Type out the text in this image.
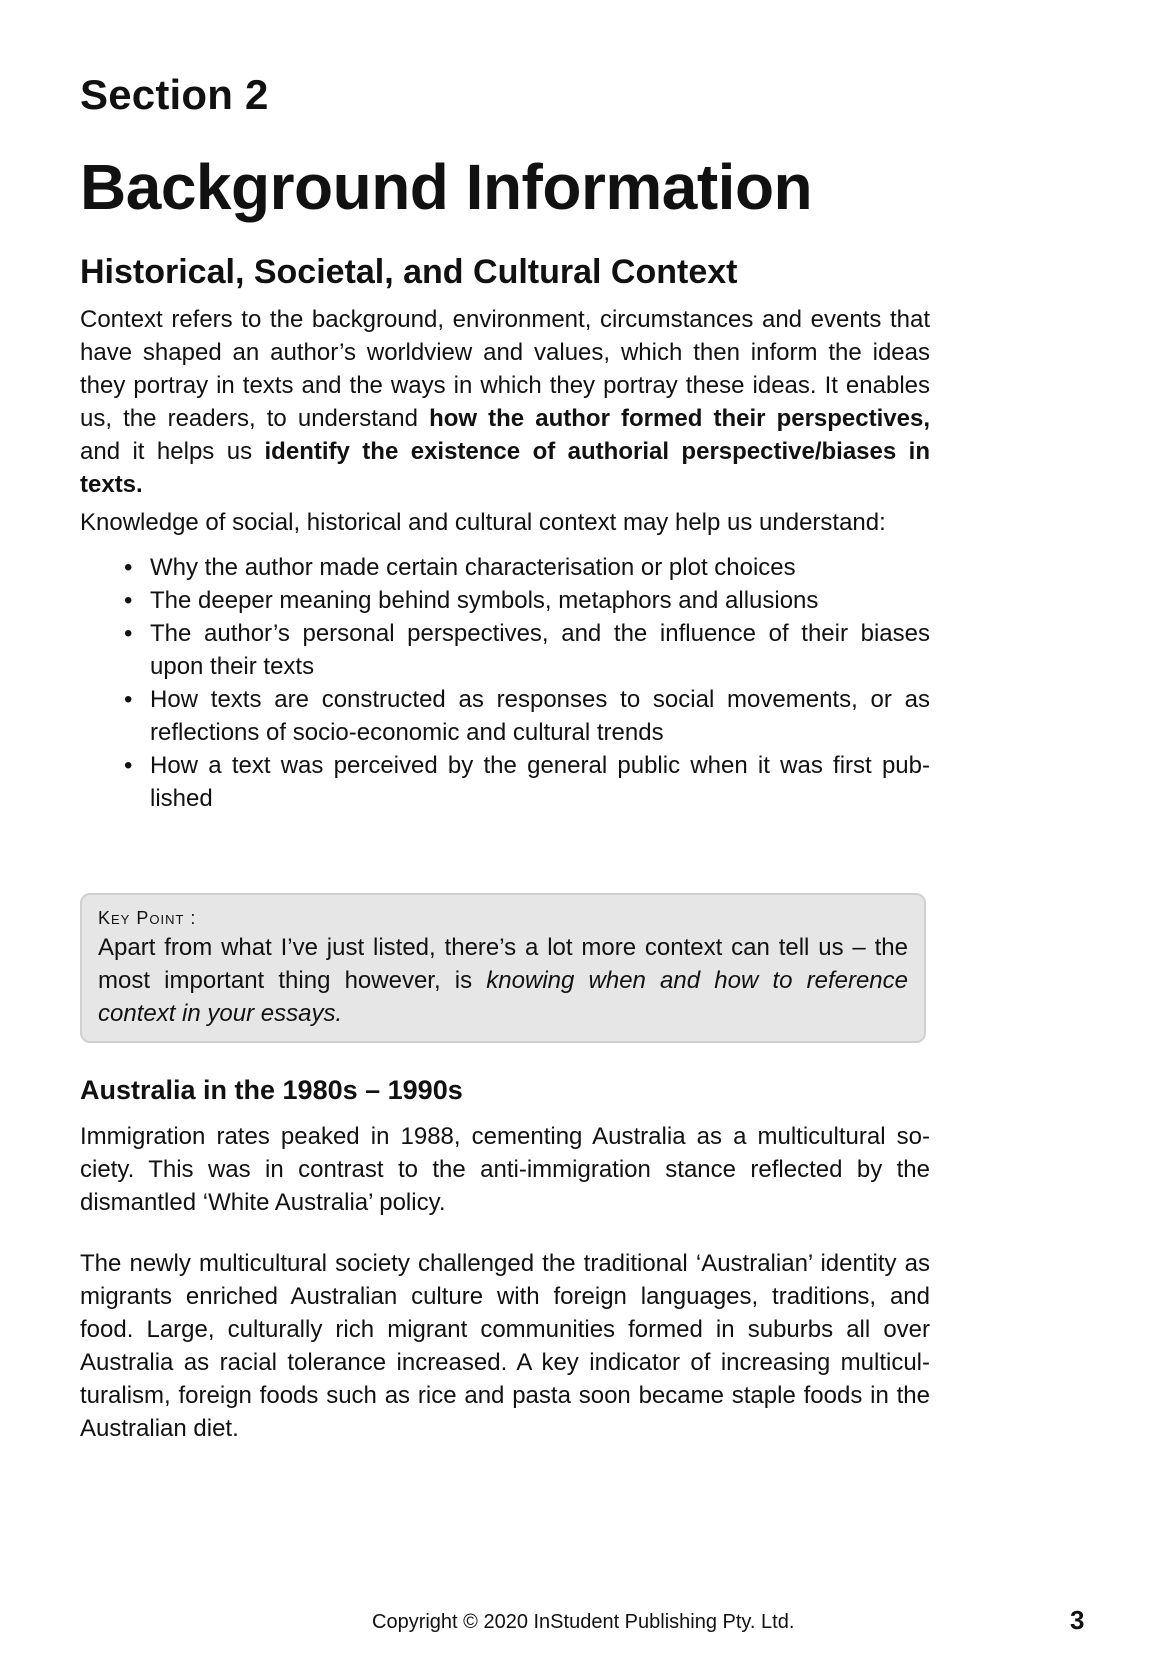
Section 2
Background Information
Historical, Societal, and Cultural Context

Context refers to the background, environment, circumstances and events that have shaped an author’s worldview and values, which then inform the ideas they portray in texts and the ways in which they portray these ideas. It enables us, the readers, to understand how the author formed their perspectives, and it helps us identify the existence of authorial perspective/biases in texts.

Knowledge of social, historical and cultural context may help us understand:

• Why the author made certain characterisation or plot choices
• The deeper meaning behind symbols, metaphors and allusions
• The author’s personal perspectives, and the influence of their biases upon their texts
• How texts are constructed as responses to social movements, or as reflections of socio-economic and cultural trends
• How a text was perceived by the general public when it was first published
Key Point :

Apart from what I’ve just listed, there’s a lot more context can tell us – the most important thing however, is knowing when and how to reference context in your essays.

Australia in the 1980s – 1990s

Immigration rates peaked in 1988, cementing Australia as a multicultural society. This was in contrast to the anti-immigration stance reflected by the dismantled ‘White Australia’ policy.

The newly multicultural society challenged the traditional ‘Australian’ identity as migrants enriched Australian culture with foreign languages, traditions, and food. Large, culturally rich migrant communities formed in suburbs all over Australia as racial tolerance increased. A key indicator of increasing multiculturalism, foreign foods such as rice and pasta soon became staple foods in the Australian diet.

Copyright © 2020 InStudent Publishing Pty. Ltd.	3
